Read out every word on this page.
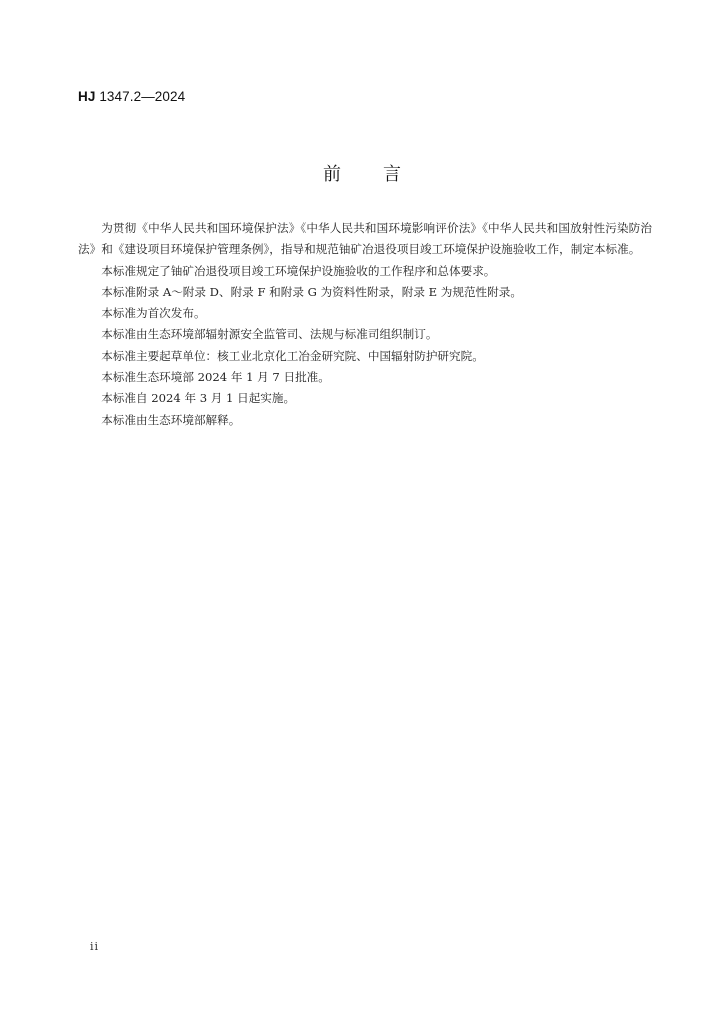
HJ 1347.2—2024
前言

为贯彻《中华人民共和国环境保护法》《中华人民共和国环境影响评价法》《中华人民共和国放射性污染防治法》和《建设项目环境保护管理条例》，指导和规范铀矿冶退役项目竣工环境保护设施验收工作，制定本标准。

本标准规定了铀矿冶退役项目竣工环境保护设施验收的工作程序和总体要求。

本标准附录 A～附录 D、附录 F 和附录 G 为资料性附录，附录 E 为规范性附录。

本标准为首次发布。

本标准由生态环境部辐射源安全监管司、法规与标准司组织制订。

本标准主要起草单位：核工业北京化工冶金研究院、中国辐射防护研究院。

本标准生态环境部 2024 年 1 月 7 日批准。

本标准自 2024 年 3 月 1 日起实施。

本标准由生态环境部解释。

ii
